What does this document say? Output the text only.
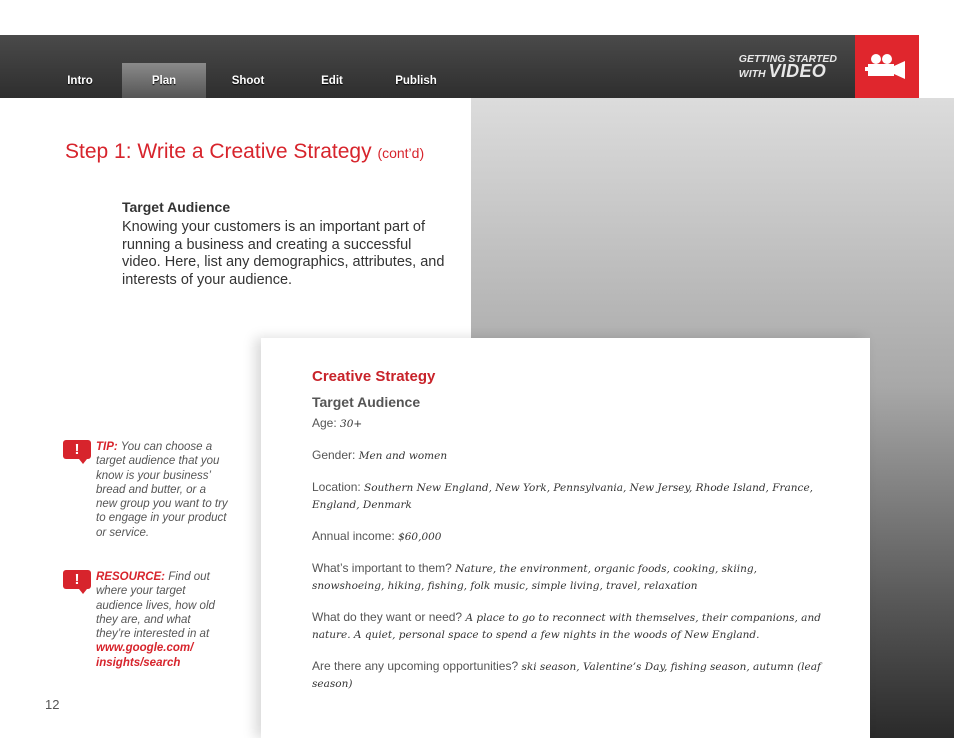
Intro	Plan	Shoot	Edit	Publish
GETTING STARTED
WITH VIDEO
Step 1: Write a Creative Strategy (cont’d)
Target Audience

Knowing your customers is an important part of running a business and creating a successful video. Here, list any demographics, attributes, and interests of your audience.

!	TIP: You can choose a target audience that you know is your business’ bread and butter, or a new group you want to try to engage in your product or service.
!	RESOURCE: Find out where your target audience lives, how old they are, and what they’re interested in at www.google.com/ insights/search
12
Creative Strategy
Target Audience
Age: 30+
Gender: Men and women
Location: Southern New England, New York, Pennsylvania, New Jersey, Rhode Island, France, England, Denmark
Annual income: $60,000
What’s important to them? Nature, the environment, organic foods, cooking, skiing, snowshoeing, hiking, fishing, folk music, simple living, travel, relaxation
What do they want or need? A place to go to reconnect with themselves, their companions, and nature. A quiet, personal space to spend a few nights in the woods of New England.
Are there any upcoming opportunities? ski season, Valentine’s Day, fishing season, autumn (leaf season)
